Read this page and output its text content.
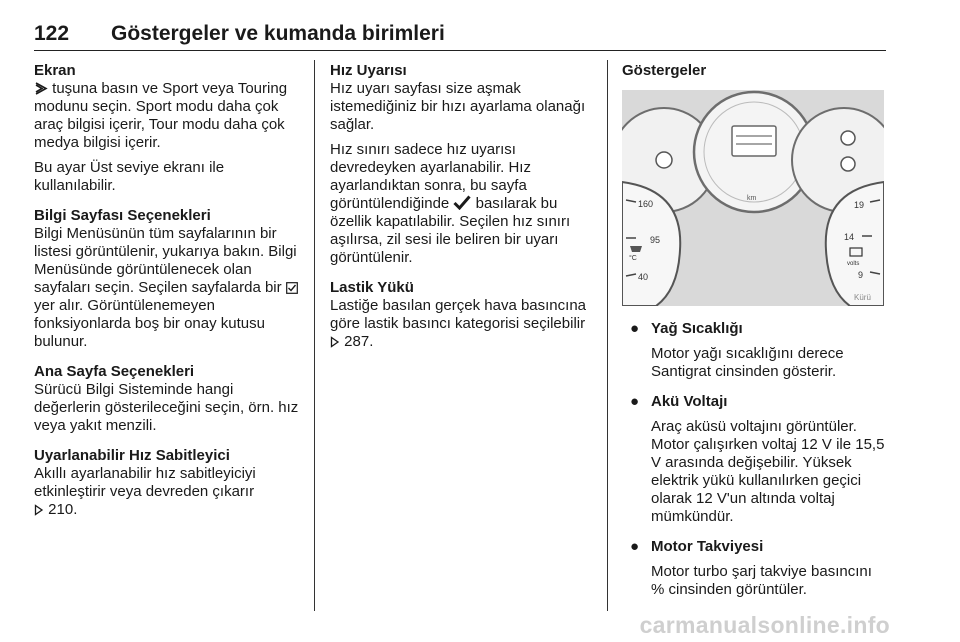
122 Göstergeler ve kumanda birimleri

Ekran

tuşuna basın ve Sport veya Touring modunu seçin. Sport modu daha çok araç bilgisi içerir, Tour modu daha çok medya bilgisi içerir.

Bu ayar Üst seviye ekranı ile kullanılabilir.

Bilgi Sayfası Seçenekleri

Bilgi Menüsünün tüm sayfalarının bir listesi görüntülenir, yukarıya bakın. Bilgi Menüsünde görüntülenecek olan sayfaları seçin. Seçilen sayfalarda bir  yer alır. Görüntülenemeyen fonksiyonlarda boş bir onay kutusu bulunur.

Ana Sayfa Seçenekleri

Sürücü Bilgi Sisteminde hangi değerlerin gösterileceğini seçin, örn. hız veya yakıt menzili.

Uyarlanabilir Hız Sabitleyici

Akıllı ayarlanabilir hız sabitleyiciyi etkinleştirir veya devreden çıkarır
210.

Hız Uyarısı

Hız uyarı sayfası size aşmak istemediğiniz bir hızı ayarlama olanağı sağlar.

Hız sınırı sadece hız uyarısı devredeyken ayarlanabilir. Hız ayarlandıktan sonra, bu sayfa görüntülendiğinde  basılarak bu özellik kapatılabilir. Seçilen hız sınırı aşılırsa, zil sesi ile beliren bir uyarı görüntülenir.

Lastik Yükü

Lastiğe basılan gerçek hava basıncına göre lastik basıncı kategorisi seçilebilir  287.

Göstergeler

km
160
95
40
°C
19
14
9
volts
Kürü
● Yağ Sıcaklığı

Motor yağı sıcaklığını derece Santigrat cinsinden gösterir.

● Akü Voltajı

Araç aküsü voltajını görüntüler. Motor çalışırken voltaj 12 V ile 15,5 V arasında değişebilir. Yüksek elektrik yükü kullanılırken geçici olarak 12 V'un altında voltaj mümkündür.

● Motor Takviyesi

Motor turbo şarj takviye basıncını % cinsinden görüntüler.

carmanualsonline.info
